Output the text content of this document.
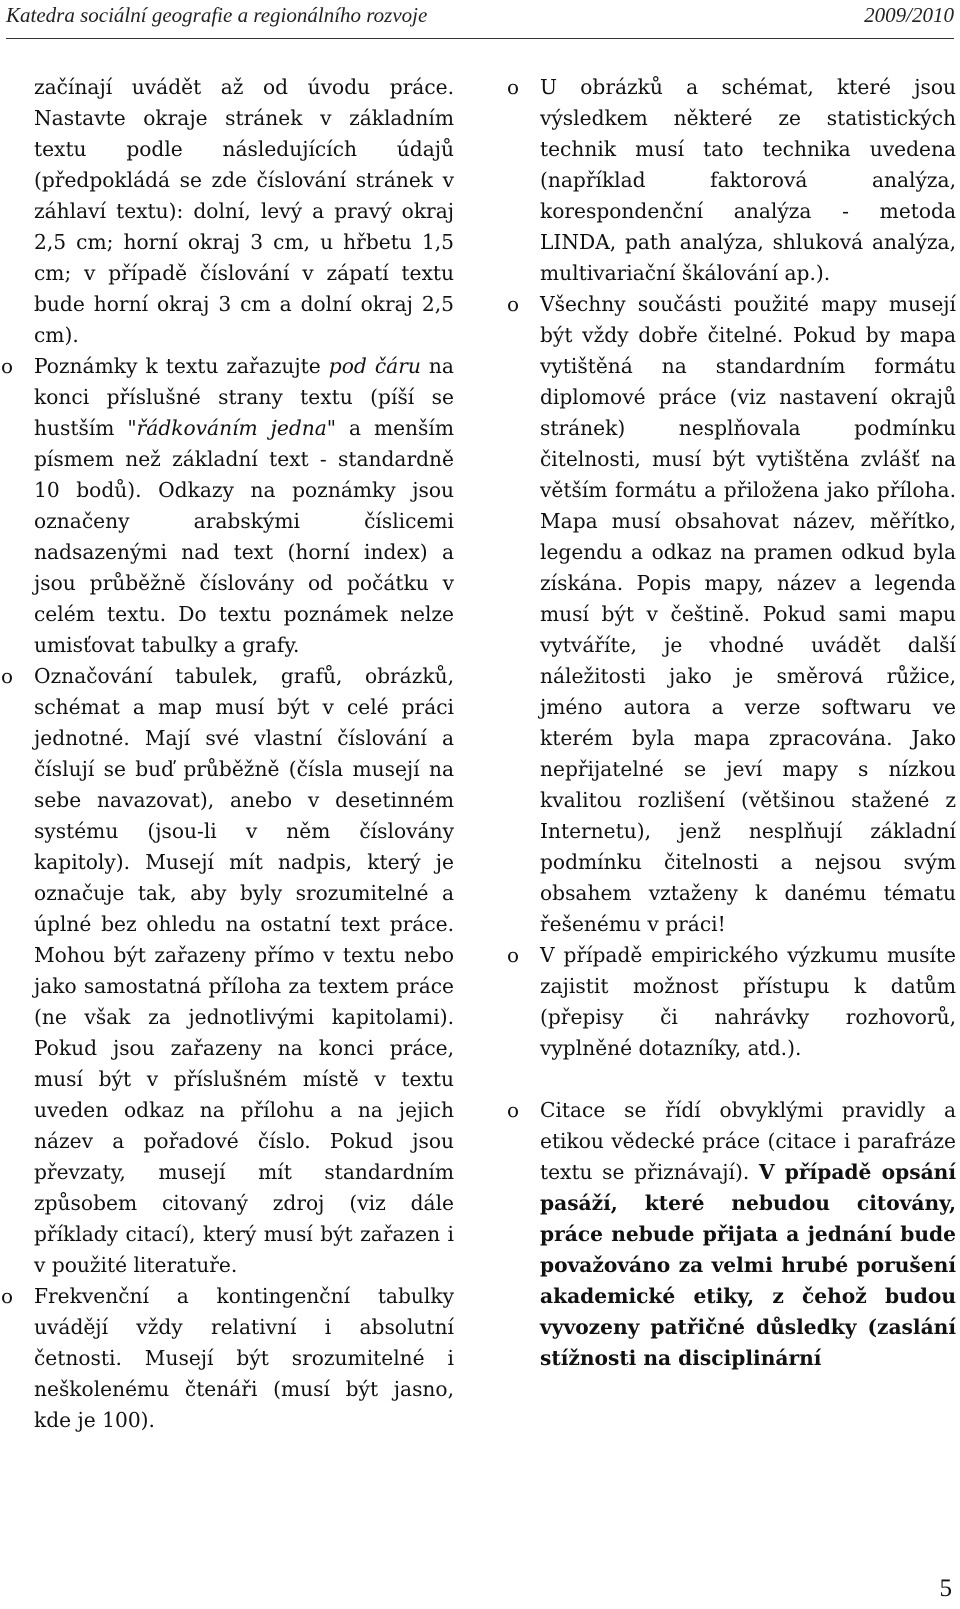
Katedra sociální geografie a regionálního rozvoje	2009/2010

začínají uvádět až od úvodu práce. Nastavte okraje stránek v základním textu podle následujících údajů (předpokládá se zde číslování stránek v záhlaví textu): dolní, levý a pravý okraj 2,5 cm; horní okraj 3 cm, u hřbetu 1,5 cm; v případě číslování v zápatí textu bude horní okraj 3 cm a dolní okraj 2,5 cm).

o Poznámky k textu zařazujte pod čáru na konci příslušné strany textu (píší se hustším "řádkováním jedna" a menším písmem než základní text - standardně 10 bodů). Odkazy na poznámky jsou označeny arabskými číslicemi nadsazenými nad text (horní index) a jsou průběžně číslovány od počátku v celém textu. Do textu poznámek nelze umisťovat tabulky a grafy.
o Označování tabulek, grafů, obrázků, schémat a map musí být v celé práci jednotné. Mají své vlastní číslování a číslují se buď průběžně (čísla musejí na sebe navazovat), anebo v desetinném systému (jsou-li v něm číslovány kapitoly). Musejí mít nadpis, který je označuje tak, aby byly srozumitelné a úplné bez ohledu na ostatní text práce. Mohou být zařazeny přímo v textu nebo jako samostatná příloha za textem práce (ne však za jednotlivými kapitolami). Pokud jsou zařazeny na konci práce, musí být v příslušném místě v textu uveden odkaz na přílohu a na jejich název a pořadové číslo. Pokud jsou převzaty, musejí mít standardním způsobem citovaný zdroj (viz dále příklady citací), který musí být zařazen i v použité literatuře.
o Frekvenční a kontingenční tabulky uvádějí vždy relativní i absolutní četnosti. Musejí být srozumitelné i neškolenému čtenáři (musí být jasno, kde je 100).
o U obrázků a schémat, které jsou výsledkem některé ze statistických technik musí tato technika uvedena (například faktorová analýza, korespondenční analýza - metoda LINDA, path analýza, shluková analýza, multivariační škálování ap.).
o Všechny součásti použité mapy musejí být vždy dobře čitelné. Pokud by mapa vytištěná na standardním formátu diplomové práce (viz nastavení okrajů stránek) nesplňovala podmínku čitelnosti, musí být vytištěna zvlášť na větším formátu a přiložena jako příloha. Mapa musí obsahovat název, měřítko, legendu a odkaz na pramen odkud byla získána. Popis mapy, název a legenda musí být v češtině. Pokud sami mapu vytváříte, je vhodné uvádět další náležitosti jako je směrová růžice, jméno autora a verze softwaru ve kterém byla mapa zpracována. Jako nepřijatelné se jeví mapy s nízkou kvalitou rozlišení (většinou stažené z Internetu), jenž nesplňují základní podmínku čitelnosti a nejsou svým obsahem vztaženy k danému tématu řešenému v práci!
o V případě empirického výzkumu musíte zajistit možnost přístupu k datům (přepisy či nahrávky rozhovorů, vyplněné dotazníky, atd.).
o Citace se řídí obvyklými pravidly a etikou vědecké práce (citace i parafráze textu se přiznávají). V případě opsání pasáží, které nebudou citovány, práce nebude přijata a jednání bude považováno za velmi hrubé porušení akademické etiky, z čehož budou vyvozeny patřičné důsledky (zaslání stížnosti na disciplinární
5
